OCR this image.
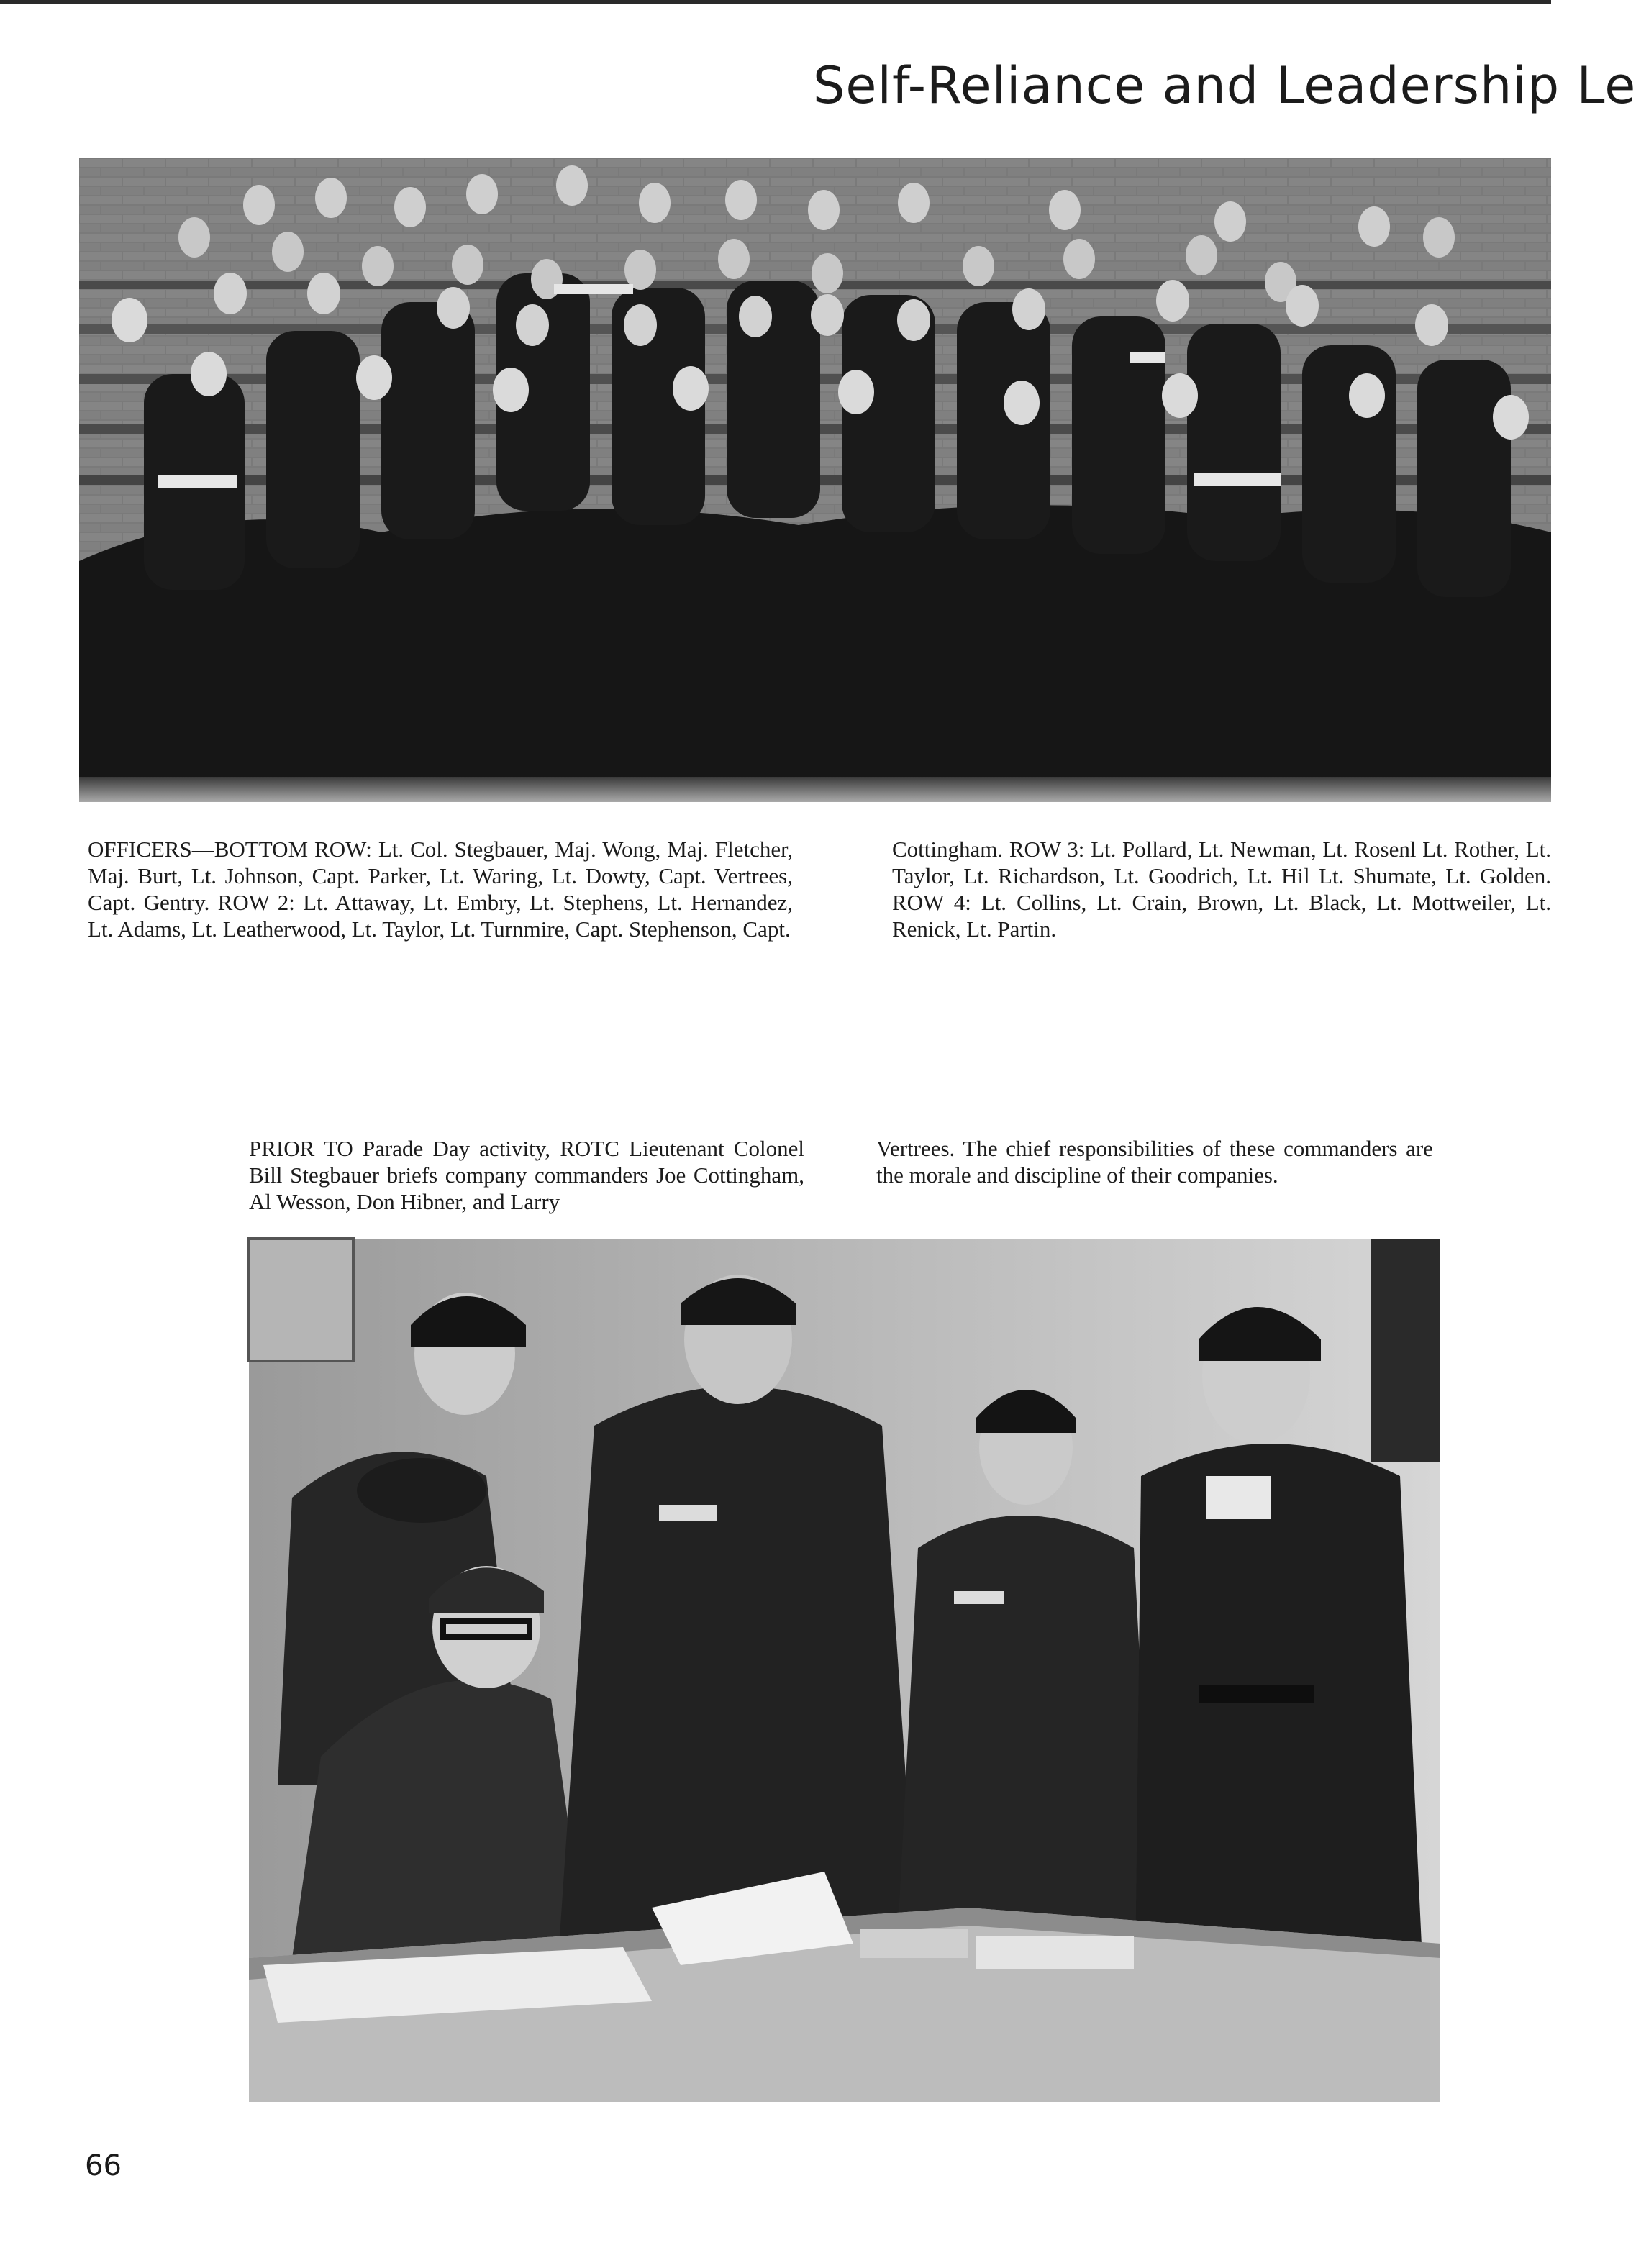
Self-Reliance and Leadership Le
OFFICERS—BOTTOM ROW: Lt. Col. Stegbauer, Maj. Wong, Maj. Fletcher, Maj. Burt, Lt. Johnson, Capt. Parker, Lt. Waring, Lt. Dowty, Capt. Vertrees, Capt. Gentry. ROW 2: Lt. Attaway, Lt. Embry, Lt. Stephens, Lt. Hernandez, Lt. Adams, Lt. Leatherwood, Lt. Taylor, Lt. Turnmire, Capt. Stephenson, Capt.
Cottingham. ROW 3: Lt. Pollard, Lt. Newman, Lt. Rosenl Lt. Rother, Lt. Taylor, Lt. Richardson, Lt. Goodrich, Lt. Hil Lt. Shumate, Lt. Golden. ROW 4: Lt. Collins, Lt. Crain, Brown, Lt. Black, Lt. Mottweiler, Lt. Renick, Lt. Partin.
PRIOR TO Parade Day activity, ROTC Lieutenant Colonel Bill Stegbauer briefs company commanders Joe Cottingham, Al Wesson, Don Hibner, and Larry
Vertrees. The chief responsibilities of these commanders are the morale and discipline of their companies.
66
